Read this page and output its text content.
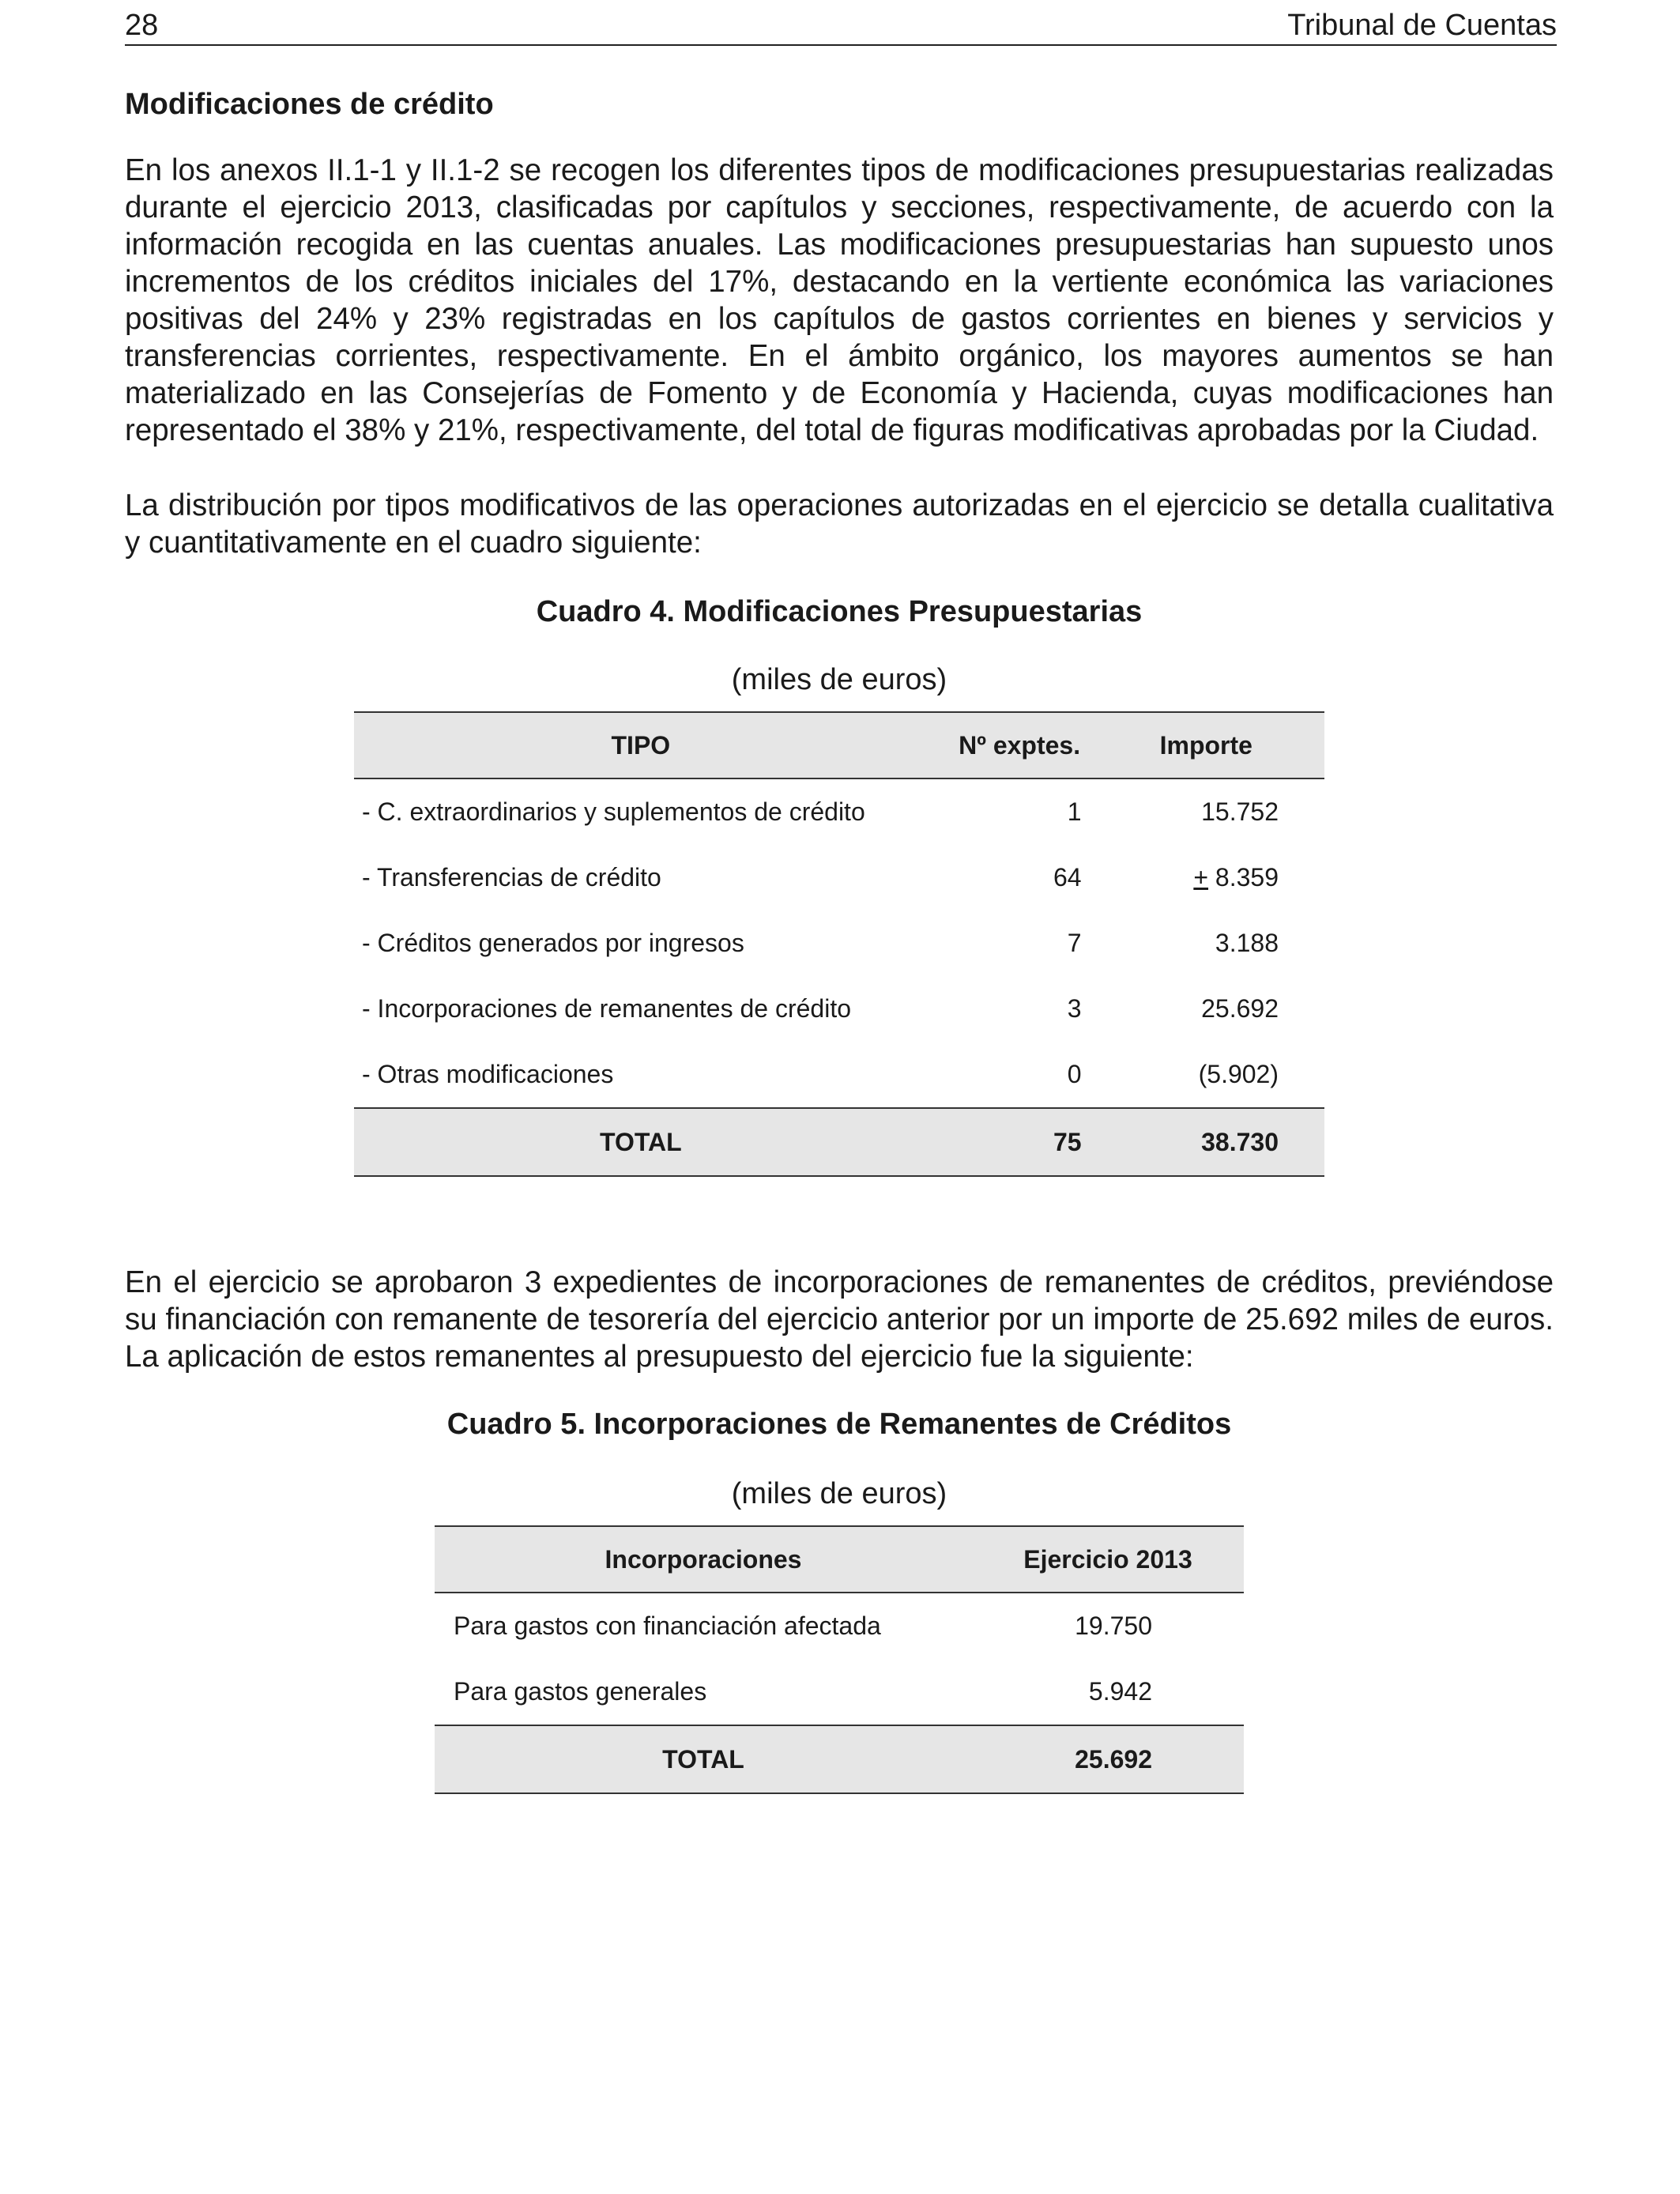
28	Tribunal de Cuentas
Modificaciones de crédito

En los anexos II.1-1 y II.1-2 se recogen los diferentes tipos de modificaciones presupuestarias realizadas durante el ejercicio 2013, clasificadas por capítulos y secciones, respectivamente, de acuerdo con la información recogida en las cuentas anuales. Las modificaciones presupuestarias han supuesto unos incrementos de los créditos iniciales del 17%, destacando en la vertiente económica las variaciones positivas del 24% y 23% registradas en los capítulos de gastos corrientes en bienes y servicios y transferencias corrientes, respectivamente. En el ámbito orgánico, los mayores aumentos se han materializado en las Consejerías de Fomento y de Economía y Hacienda, cuyas modificaciones han representado el 38% y 21%, respectivamente, del total de figuras modificativas aprobadas por la Ciudad.

La distribución por tipos modificativos de las operaciones autorizadas en el ejercicio se detalla cualitativa y cuantitativamente en el cuadro siguiente:

Cuadro 4. Modificaciones Presupuestarias
(miles de euros)
TIPO	Nº exptes.	Importe
- C. extraordinarios y suplementos de crédito	1	15.752
- Transferencias de crédito	64	+ 8.359
- Créditos generados por ingresos	7	3.188
- Incorporaciones de remanentes de crédito	3	25.692
- Otras modificaciones	0	(5.902)
TOTAL	75	38.730

En el ejercicio se aprobaron 3 expedientes de incorporaciones de remanentes de créditos, previéndose su financiación con remanente de tesorería del ejercicio anterior por un importe de 25.692 miles de euros. La aplicación de estos remanentes al presupuesto del ejercicio fue la siguiente:

Cuadro 5. Incorporaciones de Remanentes de Créditos
(miles de euros)
Incorporaciones	Ejercicio 2013
Para gastos con financiación afectada	19.750
Para gastos generales	5.942
TOTAL	25.692
